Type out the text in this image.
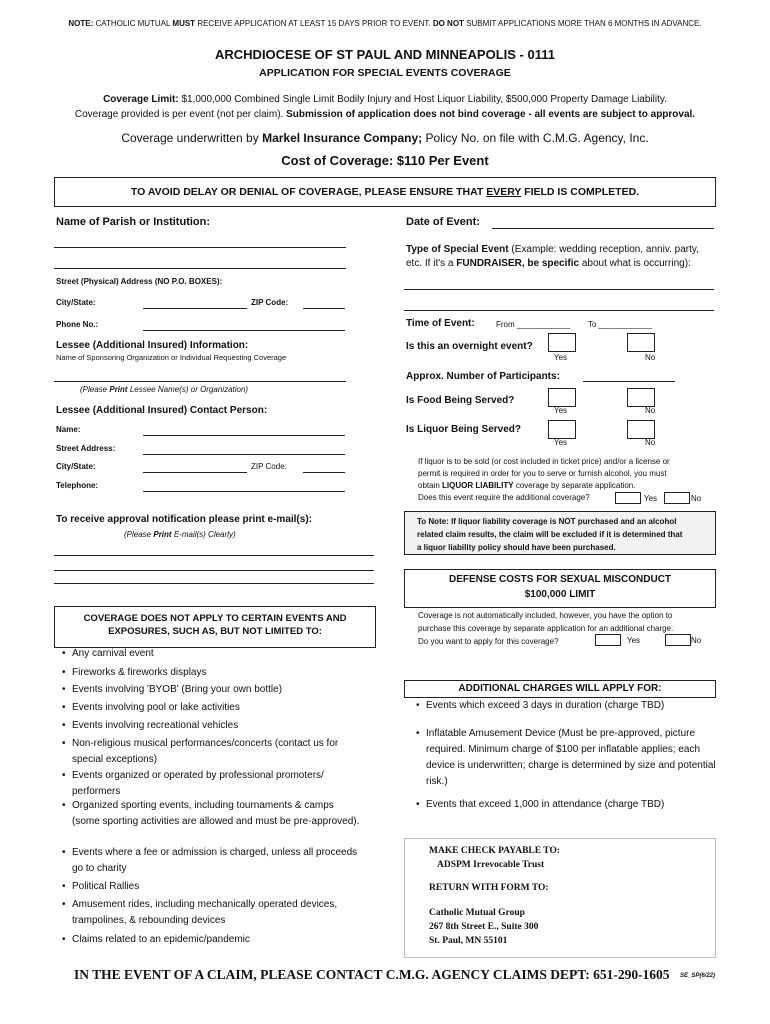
NOTE: CATHOLIC MUTUAL MUST RECEIVE APPLICATION AT LEAST 15 DAYS PRIOR TO EVENT. DO NOT SUBMIT APPLICATIONS MORE THAN 6 MONTHS IN ADVANCE.
ARCHDIOCESE OF ST PAUL AND MINNEAPOLIS - 0111
APPLICATION FOR SPECIAL EVENTS COVERAGE
Coverage Limit: $1,000,000 Combined Single Limit Bodily Injury and Host Liquor Liability, $500,000 Property Damage Liability.
Coverage provided is per event (not per claim). Submission of application does not bind coverage - all events are subject to approval.
Coverage underwritten by Markel Insurance Company; Policy No. on file with C.M.G. Agency, Inc.
Cost of Coverage: $110 Per Event
TO AVOID DELAY OR DENIAL OF COVERAGE, PLEASE ENSURE THAT EVERY FIELD IS COMPLETED.
Name of Parish or Institution:
Street (Physical) Address (NO P.O. BOXES):
City/State:	ZIP Code:
Phone No.:
Lessee (Additional Insured) Information:
Name of Sponsoring Organization or Individual Requesting Coverage
(Please Print Lessee Name(s) or Organization)
Lessee (Additional Insured) Contact Person:
Name:
Street Address:
City/State:	ZIP Code:
Telephone:
To receive approval notification please print e-mail(s):
(Please Print E-mail(s) Clearly)
COVERAGE DOES NOT APPLY TO CERTAIN EVENTS AND
EXPOSURES, SUCH AS, BUT NOT LIMITED TO:
• Any carnival event
• Fireworks & fireworks displays
• Events involving 'BYOB' (Bring your own bottle)
• Events involving pool or lake activities
• Events involving recreational vehicles
• Non-religious musical performances/concerts (contact us for special exceptions)
• Events organized or operated by professional promoters/ performers
• Organized sporting events, including tournaments & camps (some sporting activities are allowed and must be pre-approved).
• Events where a fee or admission is charged, unless all proceeds go to charity
• Political Rallies
• Amusement rides, including mechanically operated devices, trampolines, & rebounding devices
• Claims related to an epidemic/pandemic
Date of Event:
Type of Special Event (Example: wedding reception, anniv. party, etc. If it's a FUNDRAISER, be specific about what is occurring):
Time of Event:	From ____________ To ____________
Is this an overnight event?
Yes	No
Approx. Number of Participants:
Is Food Being Served?
Yes	No
Is Liquor Being Served?
Yes	No
If liquor is to be sold (or cost included in ticket price) and/or a license or
permit is required in order for you to serve or furnish alcohol, you must
obtain LIQUOR LIABILITY coverage by separate application.
Does this event require the additional coverage?	Yes	No
To Note: If liquor liability coverage is NOT purchased and an alcohol
related claim results, the claim will be excluded if it is determined that
a liquor liability policy should have been purchased.
DEFENSE COSTS FOR SEXUAL MISCONDUCT
$100,000 LIMIT
Coverage is not automatically included, however, you have the option to
purchase this coverage by separate application for an additional charge.
Do you want to apply for this coverage?	Yes	No
ADDITIONAL CHARGES WILL APPLY FOR:
• Events which exceed 3 days in duration (charge TBD)
• Inflatable Amusement Device (Must be pre-approved, picture required. Minimum charge of $100 per inflatable applies; each device is underwritten; charge is determined by size and potential risk.)
• Events that exceed 1,000 in attendance (charge TBD)
MAKE CHECK PAYABLE TO:
ADSPM Irrevocable Trust
RETURN WITH FORM TO:
Catholic Mutual Group
267 8th Street E., Suite 300
St. Paul, MN 55101
IN THE EVENT OF A CLAIM, PLEASE CONTACT C.M.G. AGENCY CLAIMS DEPT: 651-290-1605 SE_SP(6/22)
